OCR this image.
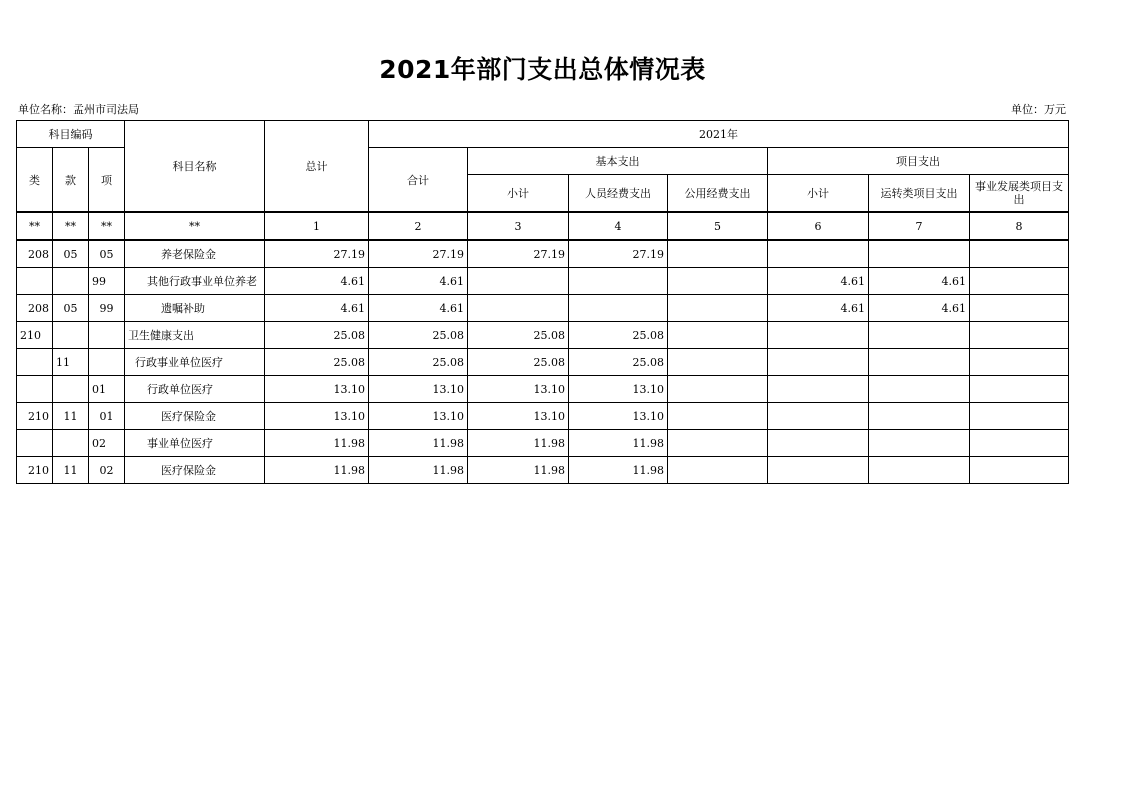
2021年部门支出总体情况表
单位名称：孟州市司法局	单位：万元
科目编码			科目名称	总计	2021年						
类	款	项			合计	基本支出			项目支出		
						小计	人员经费支出	公用经费支出	小计	运转类项目支出	事业发展类项目支出
**	**	**	**	1	2	3	4	5	6	7	8
208	05	05	养老保险金	27.19	27.19	27.19	27.19				
		99	其他行政事业单位养老	4.61	4.61				4.61	4.61	
208	05	99	遗嘱补助	4.61	4.61				4.61	4.61	
210			卫生健康支出	25.08	25.08	25.08	25.08				
	11		行政事业单位医疗	25.08	25.08	25.08	25.08				
		01	行政单位医疗	13.10	13.10	13.10	13.10				
210	11	01	医疗保险金	13.10	13.10	13.10	13.10				
		02	事业单位医疗	11.98	11.98	11.98	11.98				
210	11	02	医疗保险金	11.98	11.98	11.98	11.98				
